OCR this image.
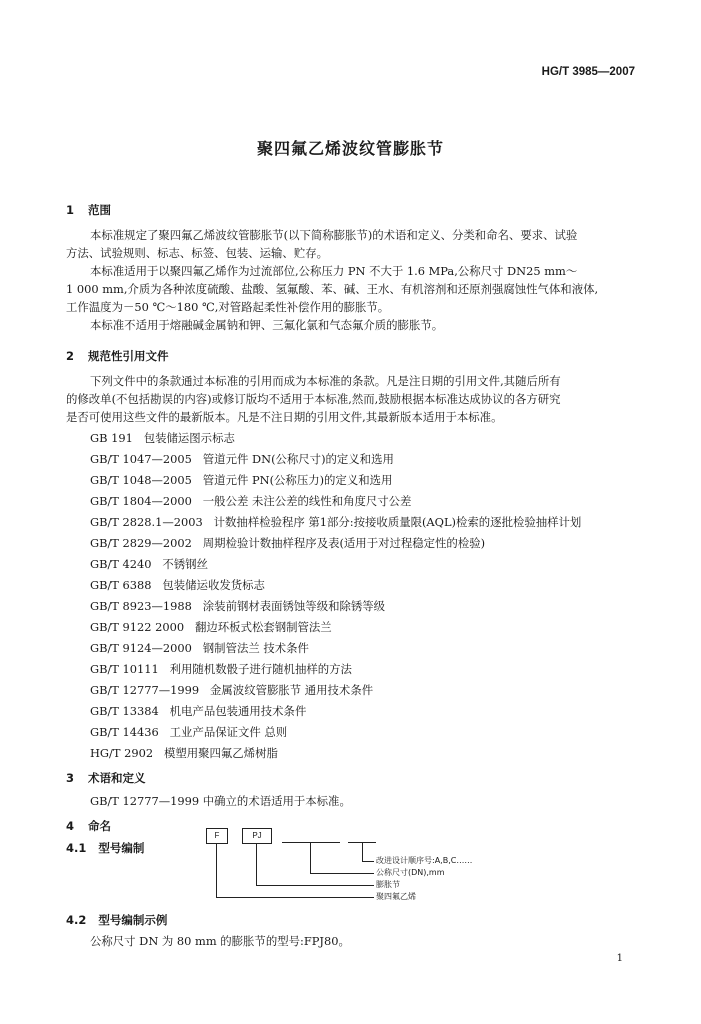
HG/T 3985—2007
聚四氟乙烯波纹管膨胀节
1 范围
本标准规定了聚四氟乙烯波纹管膨胀节(以下简称膨胀节)的术语和定义、分类和命名、要求、试验
方法、试验规则、标志、标签、包装、运输、贮存。
本标准适用于以聚四氟乙烯作为过流部位,公称压力 PN 不大于 1.6 MPa,公称尺寸 DN25 mm～
1 000 mm,介质为各种浓度硫酸、盐酸、氢氟酸、苯、碱、王水、有机溶剂和还原剂强腐蚀性气体和液体,
工作温度为－50 ℃～180 ℃,对管路起柔性补偿作用的膨胀节。
本标准不适用于熔融碱金属钠和钾、三氟化氯和气态氟介质的膨胀节。
2 规范性引用文件
下列文件中的条款通过本标准的引用而成为本标准的条款。凡是注日期的引用文件,其随后所有
的修改单(不包括勘误的内容)或修订版均不适用于本标准,然而,鼓励根据本标准达成协议的各方研究
是否可使用这些文件的最新版本。凡是不注日期的引用文件,其最新版本适用于本标准。
GB 191 包装储运图示标志
GB/T 1047—2005 管道元件 DN(公称尺寸)的定义和选用
GB/T 1048—2005 管道元件 PN(公称压力)的定义和选用
GB/T 1804—2000 一般公差 未注公差的线性和角度尺寸公差
GB/T 2828.1—2003 计数抽样检验程序 第1部分:按接收质量限(AQL)检索的逐批检验抽样计划
GB/T 2829—2002 周期检验计数抽样程序及表(适用于对过程稳定性的检验)
GB/T 4240 不锈钢丝
GB/T 6388 包装储运收发货标志
GB/T 8923—1988 涂装前钢材表面锈蚀等级和除锈等级
GB/T 9122 2000 翻边环板式松套钢制管法兰
GB/T 9124—2000 钢制管法兰 技术条件
GB/T 10111 利用随机数骰子进行随机抽样的方法
GB/T 12777—1999 金属波纹管膨胀节 通用技术条件
GB/T 13384 机电产品包装通用技术条件
GB/T 14436 工业产品保证文件 总则
HG/T 2902 模塑用聚四氟乙烯树脂
3 术语和定义
GB/T 12777—1999 中确立的术语适用于本标准。
4 命名
4.1 型号编制
F	PJ
改进设计顺序号:A,B,C……
公称尺寸(DN),mm
膨胀节
聚四氟乙烯
4.2 型号编制示例
公称尺寸 DN 为 80 mm 的膨胀节的型号:FPJ80。
1
